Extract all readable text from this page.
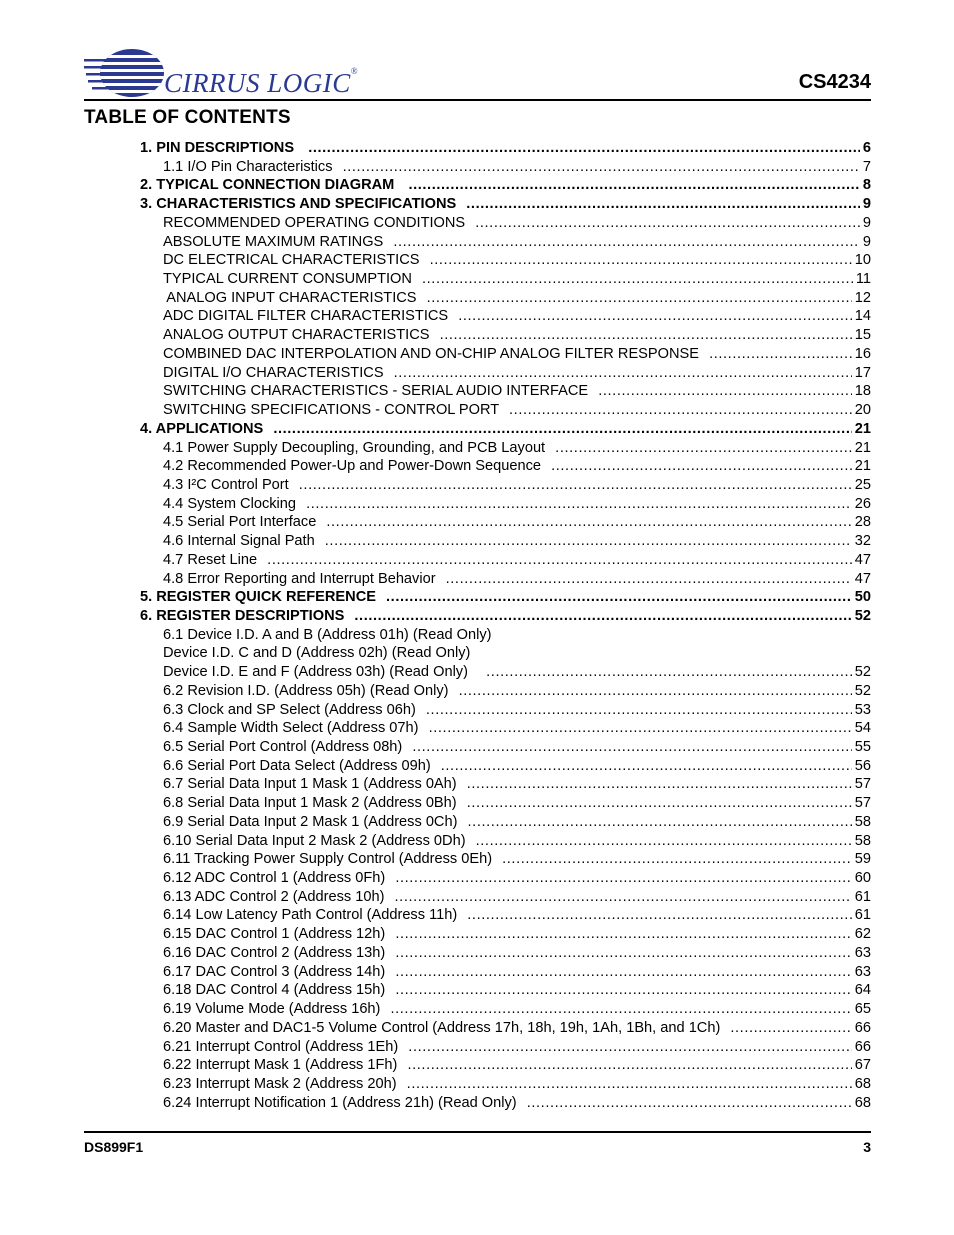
CIRRUS LOGIC®	CS4234
TABLE OF CONTENTS
1. PIN DESCRIPTIONS .....	6
1.1 I/O Pin Characteristics .....	7
2. TYPICAL CONNECTION DIAGRAM .....	8
3. CHARACTERISTICS AND SPECIFICATIONS .....	9
RECOMMENDED OPERATING CONDITIONS .....	9
ABSOLUTE MAXIMUM RATINGS .....	9
DC ELECTRICAL CHARACTERISTICS .....	10
TYPICAL CURRENT CONSUMPTION .....	11
ANALOG INPUT CHARACTERISTICS .....	12
ADC DIGITAL FILTER CHARACTERISTICS .....	14
ANALOG OUTPUT CHARACTERISTICS .....	15
COMBINED DAC INTERPOLATION AND ON-CHIP ANALOG FILTER RESPONSE .....	16
DIGITAL I/O CHARACTERISTICS .....	17
SWITCHING CHARACTERISTICS - SERIAL AUDIO INTERFACE .....	18
SWITCHING SPECIFICATIONS - CONTROL PORT .....	20
4. APPLICATIONS .....	21
4.1 Power Supply Decoupling, Grounding, and PCB Layout .....	21
4.2 Recommended Power-Up and Power-Down Sequence .....	21
4.3 I²C Control Port .....	25
4.4 System Clocking .....	26
4.5 Serial Port Interface .....	28
4.6 Internal Signal Path .....	32
4.7 Reset Line .....	47
4.8 Error Reporting and Interrupt Behavior .....	47
5. REGISTER QUICK REFERENCE .....	50
6. REGISTER DESCRIPTIONS .....	52
6.1 Device I.D. A and B (Address 01h) (Read Only)
Device I.D. C and D (Address 02h) (Read Only)
Device I.D. E and F (Address 03h) (Read Only) .....	52
6.2 Revision I.D. (Address 05h) (Read Only) .....	52
6.3 Clock and SP Select (Address 06h) .....	53
6.4 Sample Width Select (Address 07h) .....	54
6.5 Serial Port Control (Address 08h) .....	55
6.6 Serial Port Data Select (Address 09h) .....	56
6.7 Serial Data Input 1 Mask 1 (Address 0Ah) .....	57
6.8 Serial Data Input 1 Mask 2 (Address 0Bh) .....	57
6.9 Serial Data Input 2 Mask 1 (Address 0Ch) .....	58
6.10 Serial Data Input 2 Mask 2 (Address 0Dh) .....	58
6.11 Tracking Power Supply Control (Address 0Eh) .....	59
6.12 ADC Control 1 (Address 0Fh) .....	60
6.13 ADC Control 2 (Address 10h) .....	61
6.14 Low Latency Path Control (Address 11h) .....	61
6.15 DAC Control 1 (Address 12h) .....	62
6.16 DAC Control 2 (Address 13h) .....	63
6.17 DAC Control 3 (Address 14h) .....	63
6.18 DAC Control 4 (Address 15h) .....	64
6.19 Volume Mode (Address 16h) .....	65
6.20 Master and DAC1-5 Volume Control (Address 17h, 18h, 19h, 1Ah, 1Bh, and 1Ch) .....	66
6.21 Interrupt Control (Address 1Eh) .....	66
6.22 Interrupt Mask 1 (Address 1Fh) .....	67
6.23 Interrupt Mask 2 (Address 20h) .....	68
6.24 Interrupt Notification 1 (Address 21h) (Read Only) .....	68
DS899F1	3
